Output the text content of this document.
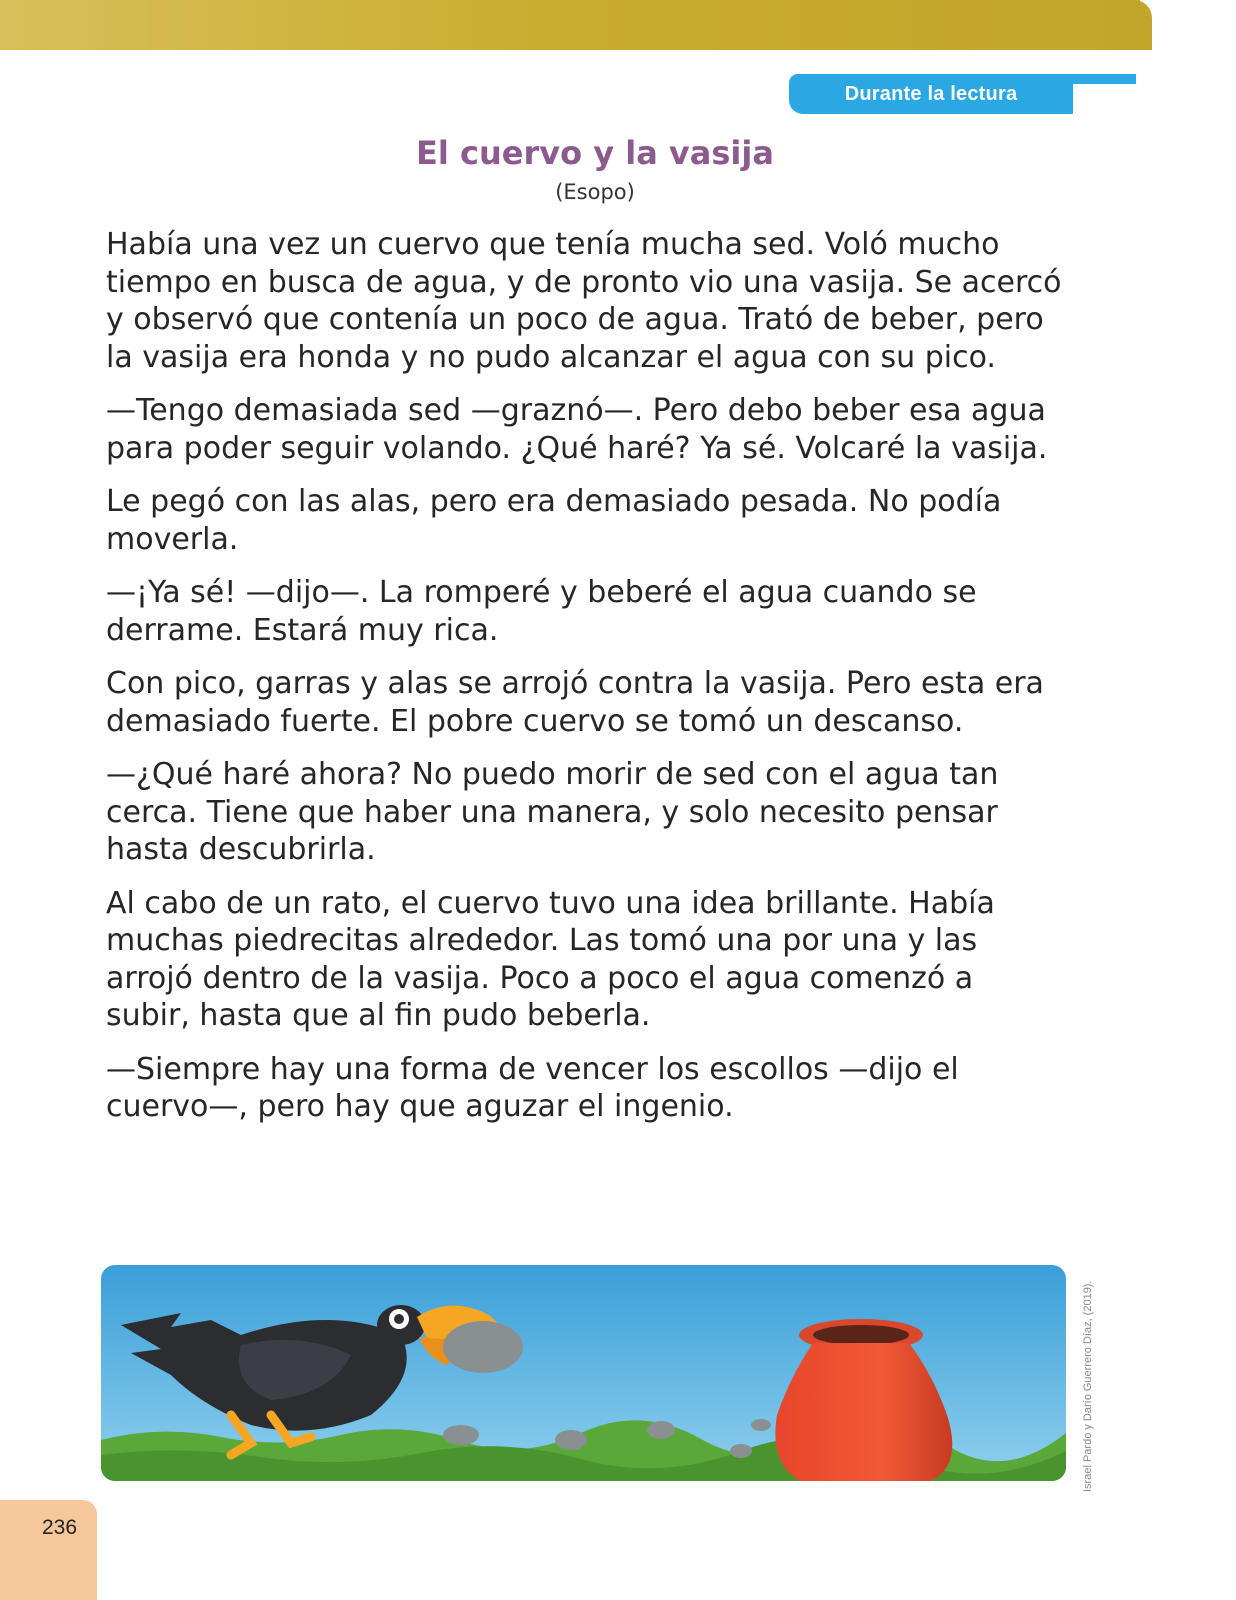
Durante la lectura
El cuervo y la vasija
(Esopo)

Había una vez un cuervo que tenía mucha sed. Voló mucho tiempo en busca de agua, y de pronto vio una vasija. Se acercó y observó que contenía un poco de agua. Trató de beber, pero la vasija era honda y no pudo alcanzar el agua con su pico.

—Tengo demasiada sed —graznó—. Pero debo beber esa agua para poder seguir volando. ¿Qué haré? Ya sé. Volcaré la vasija.

Le pegó con las alas, pero era demasiado pesada. No podía moverla.

—¡Ya sé! —dijo—. La romperé y beberé el agua cuando se derrame. Estará muy rica.

Con pico, garras y alas se arrojó contra la vasija. Pero esta era demasiado fuerte. El pobre cuervo se tomó un descanso.

—¿Qué haré ahora? No puedo morir de sed con el agua tan cerca. Tiene que haber una manera, y solo necesito pensar hasta descubrirla.

Al cabo de un rato, el cuervo tuvo una idea brillante. Había muchas piedrecitas alrededor. Las tomó una por una y las arrojó dentro de la vasija. Poco a poco el agua comenzó a subir, hasta que al fin pudo beberla.

—Siempre hay una forma de vencer los escollos —dijo el cuervo—, pero hay que aguzar el ingenio.

Israel Pardo y Darío Guerrero Díaz, (2019).
236
